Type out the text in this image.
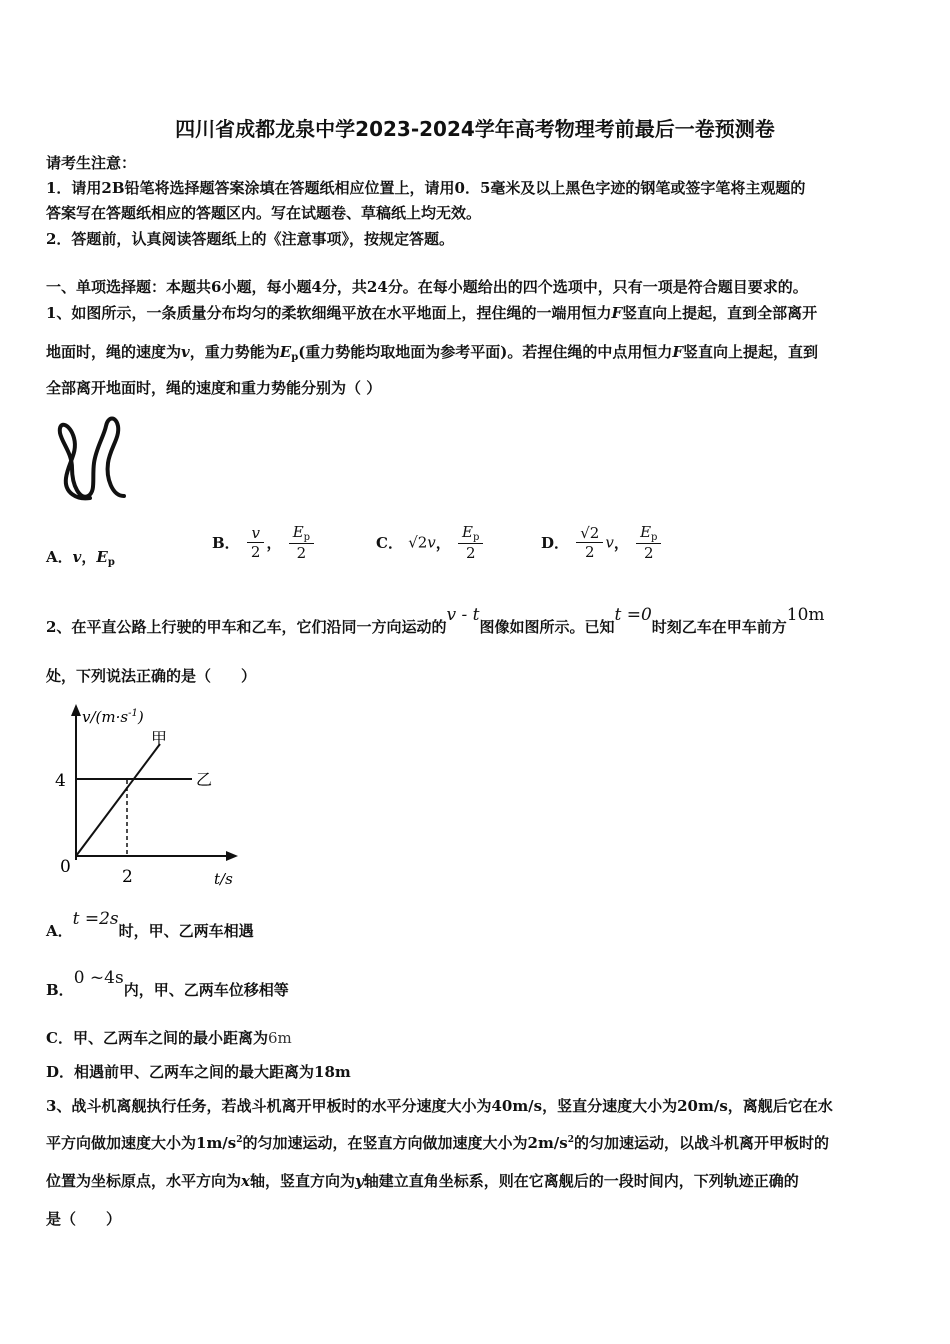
四川省成都龙泉中学2023-2024学年高考物理考前最后一卷预测卷
请考生注意：
1．请用2B铅笔将选择题答案涂填在答题纸相应位置上，请用0．5毫米及以上黑色字迹的钢笔或签字笔将主观题的
答案写在答题纸相应的答题区内。写在试题卷、草稿纸上均无效。
2．答题前，认真阅读答题纸上的《注意事项》，按规定答题。
一、单项选择题：本题共6小题，每小题4分，共24分。在每小题给出的四个选项中，只有一项是符合题目要求的。
1、如图所示，一条质量分布均匀的柔软细绳平放在水平地面上，捏住绳的一端用恒力F竖直向上提起，直到全部离开
地面时，绳的速度为v，重力势能为$E_p$(重力势能均取地面为参考平面)。若捏住绳的中点用恒力F竖直向上提起，直到
全部离开地面时，绳的速度和重力势能分别为（ ）
A．v，$E_p$
B． $\frac{v}{2}$ ， $\frac{E_p}{2}$	C． √2v， $\frac{E_p}{2}$	D． $\frac{√2}{2}$ v， $\frac{E_p}{2}$
2、在平直公路上行驶的甲车和乙车，它们沿同一方向运动的v - t图像如图所示。已知t =0时刻乙车在甲车前方10m
处，下列说法正确的是（　　）
$v/(m\cdot s^{-1})$
甲
乙
4
0	2	t/s
A．t =2s时，甲、乙两车相遇
B．0 ~4s内，甲、乙两车位移相等
C．甲、乙两车之间的最小距离为6m
D．相遇前甲、乙两车之间的最大距离为18m
3、战斗机离舰执行任务，若战斗机离开甲板时的水平分速度大小为40m/s，竖直分速度大小为20m/s，离舰后它在水
平方向做加速度大小为$1m/s^2$的匀加速运动，在竖直方向做加速度大小为$2m/s^2$的匀加速运动，以战斗机离开甲板时的
位置为坐标原点，水平方向为x轴，竖直方向为y轴建立直角坐标系，则在它离舰后的一段时间内，下列轨迹正确的
是（　　）
